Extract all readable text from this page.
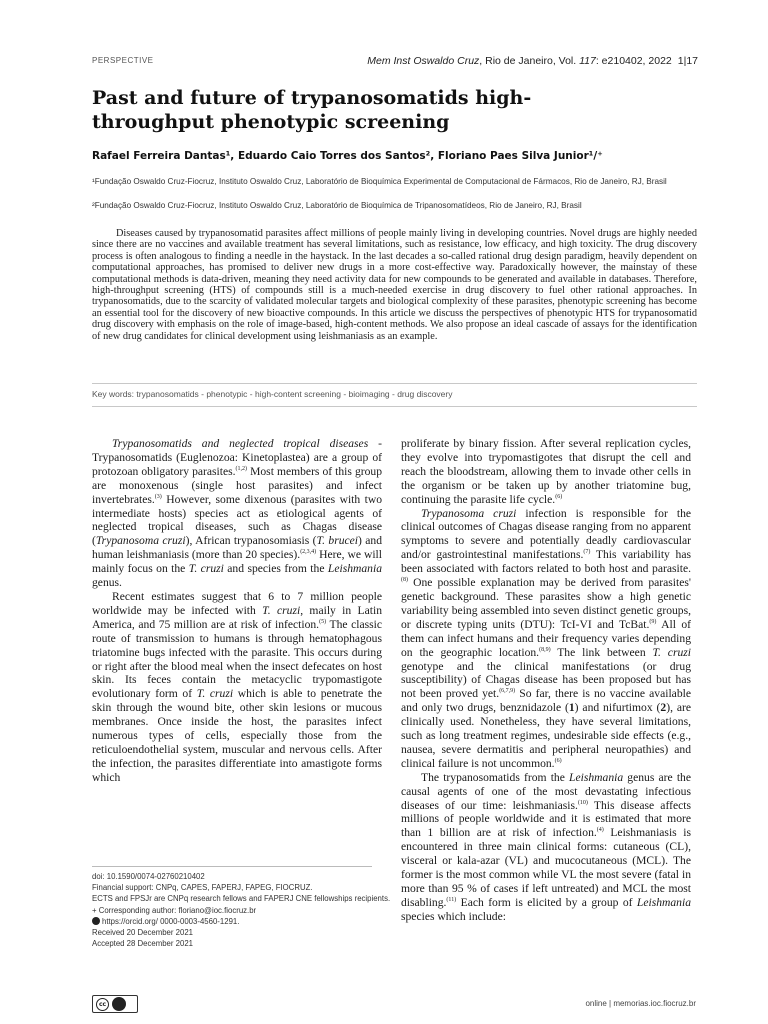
PERSPECTIVE	Mem Inst Oswaldo Cruz, Rio de Janeiro, Vol. 117: e210402, 2022 1|17
Past and future of trypanosomatids high-throughput phenotypic screening
Rafael Ferreira Dantas¹, Eduardo Caio Torres dos Santos², Floriano Paes Silva Junior¹/⁺
¹Fundação Oswaldo Cruz-Fiocruz, Instituto Oswaldo Cruz, Laboratório de Bioquímica Experimental de Computacional de Fármacos, Rio de Janeiro, RJ, Brasil
²Fundação Oswaldo Cruz-Fiocruz, Instituto Oswaldo Cruz, Laboratório de Bioquímica de Tripanosomatídeos, Rio de Janeiro, RJ, Brasil

Diseases caused by trypanosomatid parasites affect millions of people mainly living in developing countries. Novel drugs are highly needed since there are no vaccines and available treatment has several limitations, such as resistance, low efficacy, and high toxicity. The drug discovery process is often analogous to finding a needle in the haystack. In the last decades a so-called rational drug design paradigm, heavily dependent on computational approaches, has promised to deliver new drugs in a more cost-effective way. Paradoxically however, the mainstay of these computational methods is data-driven, meaning they need activity data for new compounds to be generated and available in databases. Therefore, high-throughput screening (HTS) of compounds still is a much-needed exercise in drug discovery to fuel other rational approaches. In trypanosomatids, due to the scarcity of validated molecular targets and biological complexity of these parasites, phenotypic screening has become an essential tool for the discovery of new bioactive compounds. In this article we discuss the perspectives of phenotypic HTS for trypanosomatid drug discovery with emphasis on the role of image-based, high-content methods. We also propose an ideal cascade of assays for the identification of new drug candidates for clinical development using leishmaniasis as an example.

Key words: trypanosomatids - phenotypic - high-content screening - bioimaging - drug discovery

Trypanosomatids and neglected tropical diseases - Trypanosomatids (Euglenozoa: Kinetoplastea) are a group of protozoan obligatory parasites.$^{(1,2)}$ Most members of this group are monoxenous (single host parasites) and infect invertebrates.$^{(3)}$ However, some dixenous (parasites with two intermediate hosts) species act as etiological agents of neglected tropical diseases, such as Chagas disease (Trypanosoma cruzi), African trypanosomiasis (T. brucei) and human leishmaniasis (more than 20 species).$^{(2,3,4)}$ Here, we will mainly focus on the T. cruzi and species from the Leishmania genus.

Recent estimates suggest that 6 to 7 million people worldwide may be infected with T. cruzi, maily in Latin America, and 75 million are at risk of infection.$^{(5)}$ The classic route of transmission to humans is through hematophagous triatomine bugs infected with the parasite. This occurs during or right after the blood meal when the insect defecates on host skin. Its feces contain the metacyclic trypomastigote evolutionary form of T. cruzi which is able to penetrate the skin through the wound bite, other skin lesions or mucous membranes. Once inside the host, the parasites infect numerous types of cells, especially those from the reticuloendothelial system, muscular and nervous cells. After the infection, the parasites differentiate into amastigote forms which

proliferate by binary fission. After several replication cycles, they evolve into trypomastigotes that disrupt the cell and reach the bloodstream, allowing them to invade other cells in the organism or be taken up by another triatomine bug, continuing the parasite life cycle.$^{(6)}$

Trypanosoma cruzi infection is responsible for the clinical outcomes of Chagas disease ranging from no apparent symptoms to severe and potentially deadly cardiovascular and/or gastrointestinal manifestations.$^{(7)}$ This variability has been associated with factors related to both host and parasite.$^{(8)}$ One possible explanation may be derived from parasites' genetic background. These parasites show a high genetic variability being assembled into seven distinct genetic groups, or discrete typing units (DTU): TcI-VI and TcBat.$^{(9)}$ All of them can infect humans and their frequency varies depending on the geographic location.$^{(8,9)}$ The link between T. cruzi genotype and the clinical manifestations (or drug susceptibility) of Chagas disease has been proposed but has not been proved yet.$^{(6,7,9)}$ So far, there is no vaccine available and only two drugs, benznidazole (1) and nifurtimox (2), are clinically used. Nonetheless, they have several limitations, such as long treatment regimes, undesirable side effects (e.g., nausea, severe dermatitis and peripheral neuropathies) and clinical failure is not uncommon.$^{(6)}$

The trypanosomatids from the Leishmania genus are the causal agents of one of the most devastating infectious diseases of our time: leishmaniasis.$^{(10)}$ This disease affects millions of people worldwide and it is estimated that more than 1 billion are at risk of infection.$^{(4)}$ Leishmaniasis is encountered in three main clinical forms: cutaneous (CL), visceral or kala-azar (VL) and mucocutaneous (MCL). The former is the most common while VL the most severe (fatal in more than 95 % of cases if left untreated) and MCL the most disabling.$^{(11)}$ Each form is elicited by a group of Leishmania species which include:

doi: 10.1590/0074-02760210402
Financial support: CNPq, CAPES, FAPERJ, FAPEG, FIOCRUZ.
ECTS and FPSJr are CNPq research fellows and FAPERJ CNE fellowships recipients.
+ Corresponding author: floriano@ioc.fiocruz.br
https://orcid.org/ 0000-0003-4560-1291.
Received 20 December 2021
Accepted 28 December 2021
cc	online | memorias.ioc.fiocruz.br
